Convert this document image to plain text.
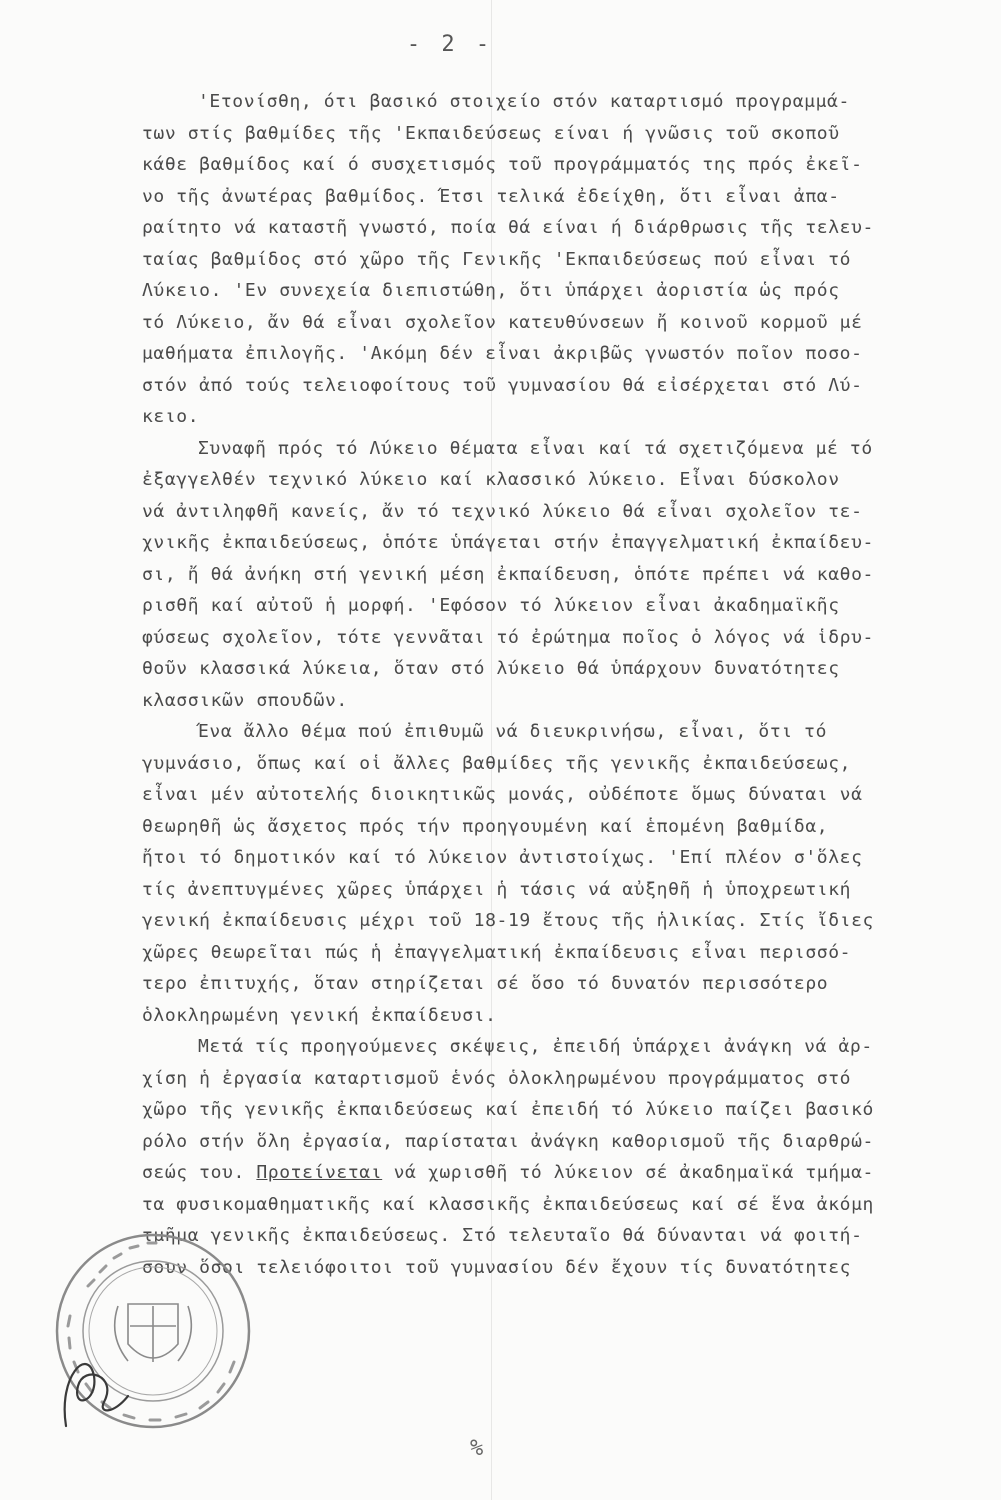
- 2 -
'Ετονίσθη, ότι βασικό στοιχείο στόν καταρτισμό προγραμμά-
των στίς βαθμίδες τῆς 'Εκπαιδεύσεως είναι ή γνῶσις τοῦ σκοποῦ
κάθε βαθμίδος καί ό συσχετισμός τοῦ προγράμματός της πρός ἐκεῖ-
νο τῆς ἀνωτέρας βαθμίδος. Έτσι τελικά ἐδείχθη, ὅτι εἶναι ἀπα-
ραίτητο νά καταστῆ γνωστό, ποία θά είναι ή διάρθρωσις τῆς τελευ-
ταίας βαθμίδος στό χῶρο τῆς Γενικῆς 'Εκπαιδεύσεως πού εἶναι τό
Λύκειο. 'Εν συνεχεία διεπιστώθη, ὅτι ὑπάρχει ἀοριστία ὡς πρός
τό Λύκειο, ἄν θά εἶναι σχολεῖον κατευθύνσεων ἤ κοινοῦ κορμοῦ μέ
μαθήματα ἐπιλογῆς. 'Ακόμη δέν εἶναι ἀκριβῶς γνωστόν ποῖον ποσο-
στόν ἀπό τούς τελειοφοίτους τοῦ γυμνασίου θά εἰσέρχεται στό Λύ-
κειο.
Συναφῆ πρός τό Λύκειο θέματα εἶναι καί τά σχετιζόμενα μέ τό
ἐξαγγελθέν τεχνικό λύκειο καί κλασσικό λύκειο. Εἶναι δύσκολον
νά ἀντιληφθῆ κανείς, ἄν τό τεχνικό λύκειο θά εἶναι σχολεῖον τε-
χνικῆς ἐκπαιδεύσεως, ὁπότε ὑπάγεται στήν ἐπαγγελματική ἐκπαίδευ-
σι, ἤ θά ἀνήκη στή γενική μέση ἐκπαίδευση, ὁπότε πρέπει νά καθο-
ρισθῆ καί αὐτοῦ ἡ μορφή. 'Εφόσον τό λύκειον εἶναι ἀκαδημαϊκῆς
φύσεως σχολεῖον, τότε γεννᾶται τό ἐρώτημα ποῖος ὁ λόγος νά ἱδρυ-
θοῦν κλασσικά λύκεια, ὅταν στό λύκειο θά ὑπάρχουν δυνατότητες
κλασσικῶν σπουδῶν.
Ένα ἄλλο θέμα πού ἐπιθυμῶ νά διευκρινήσω, εἶναι, ὅτι τό
γυμνάσιο, ὅπως καί οἱ ἄλλες βαθμίδες τῆς γενικῆς ἐκπαιδεύσεως,
εἶναι μέν αὐτοτελής διοικητικῶς μονάς, οὐδέποτε ὅμως δύναται νά
θεωρηθῆ ὡς ἄσχετος πρός τήν προηγουμένη καί ἑπομένη βαθμίδα,
ἤτοι τό δημοτικόν καί τό λύκειον ἀντιστοίχως. 'Επί πλέον σ'ὅλες
τίς ἀνεπτυγμένες χῶρες ὑπάρχει ἡ τάσις νά αὐξηθῆ ἡ ὑποχρεωτική
γενική ἐκπαίδευσις μέχρι τοῦ 18-19 ἔτους τῆς ἡλικίας. Στίς ἴδιες
χῶρες θεωρεῖται πώς ἡ ἐπαγγελματική ἐκπαίδευσις εἶναι περισσό-
τερο ἐπιτυχής, ὅταν στηρίζεται σέ ὅσο τό δυνατόν περισσότερο
ὁλοκληρωμένη γενική ἐκπαίδευσι.
Μετά τίς προηγούμενες σκέψεις, ἐπειδή ὑπάρχει ἀνάγκη νά ἀρ-
χίση ἡ ἐργασία καταρτισμοῦ ἑνός ὁλοκληρωμένου προγράμματος στό
χῶρο τῆς γενικῆς ἐκπαιδεύσεως καί ἐπειδή τό λύκειο παίζει βασικό
ρόλο στήν ὅλη ἐργασία, παρίσταται ἀνάγκη καθορισμοῦ τῆς διαρθρώ-
σεώς του. Προτείνεται νά χωρισθῆ τό λύκειον σέ ἀκαδημαϊκά τμήμα-
τα φυσικομαθηματικῆς καί κλασσικῆς ἐκπαιδεύσεως καί σέ ἕνα ἀκόμη
τμῆμα γενικῆς ἐκπαιδεύσεως. Στό τελευταῖο θά δύνανται νά φοιτή-
σουν ὅσοι τελειόφοιτοι τοῦ γυμνασίου δέν ἔχουν τίς δυνατότητες
%
